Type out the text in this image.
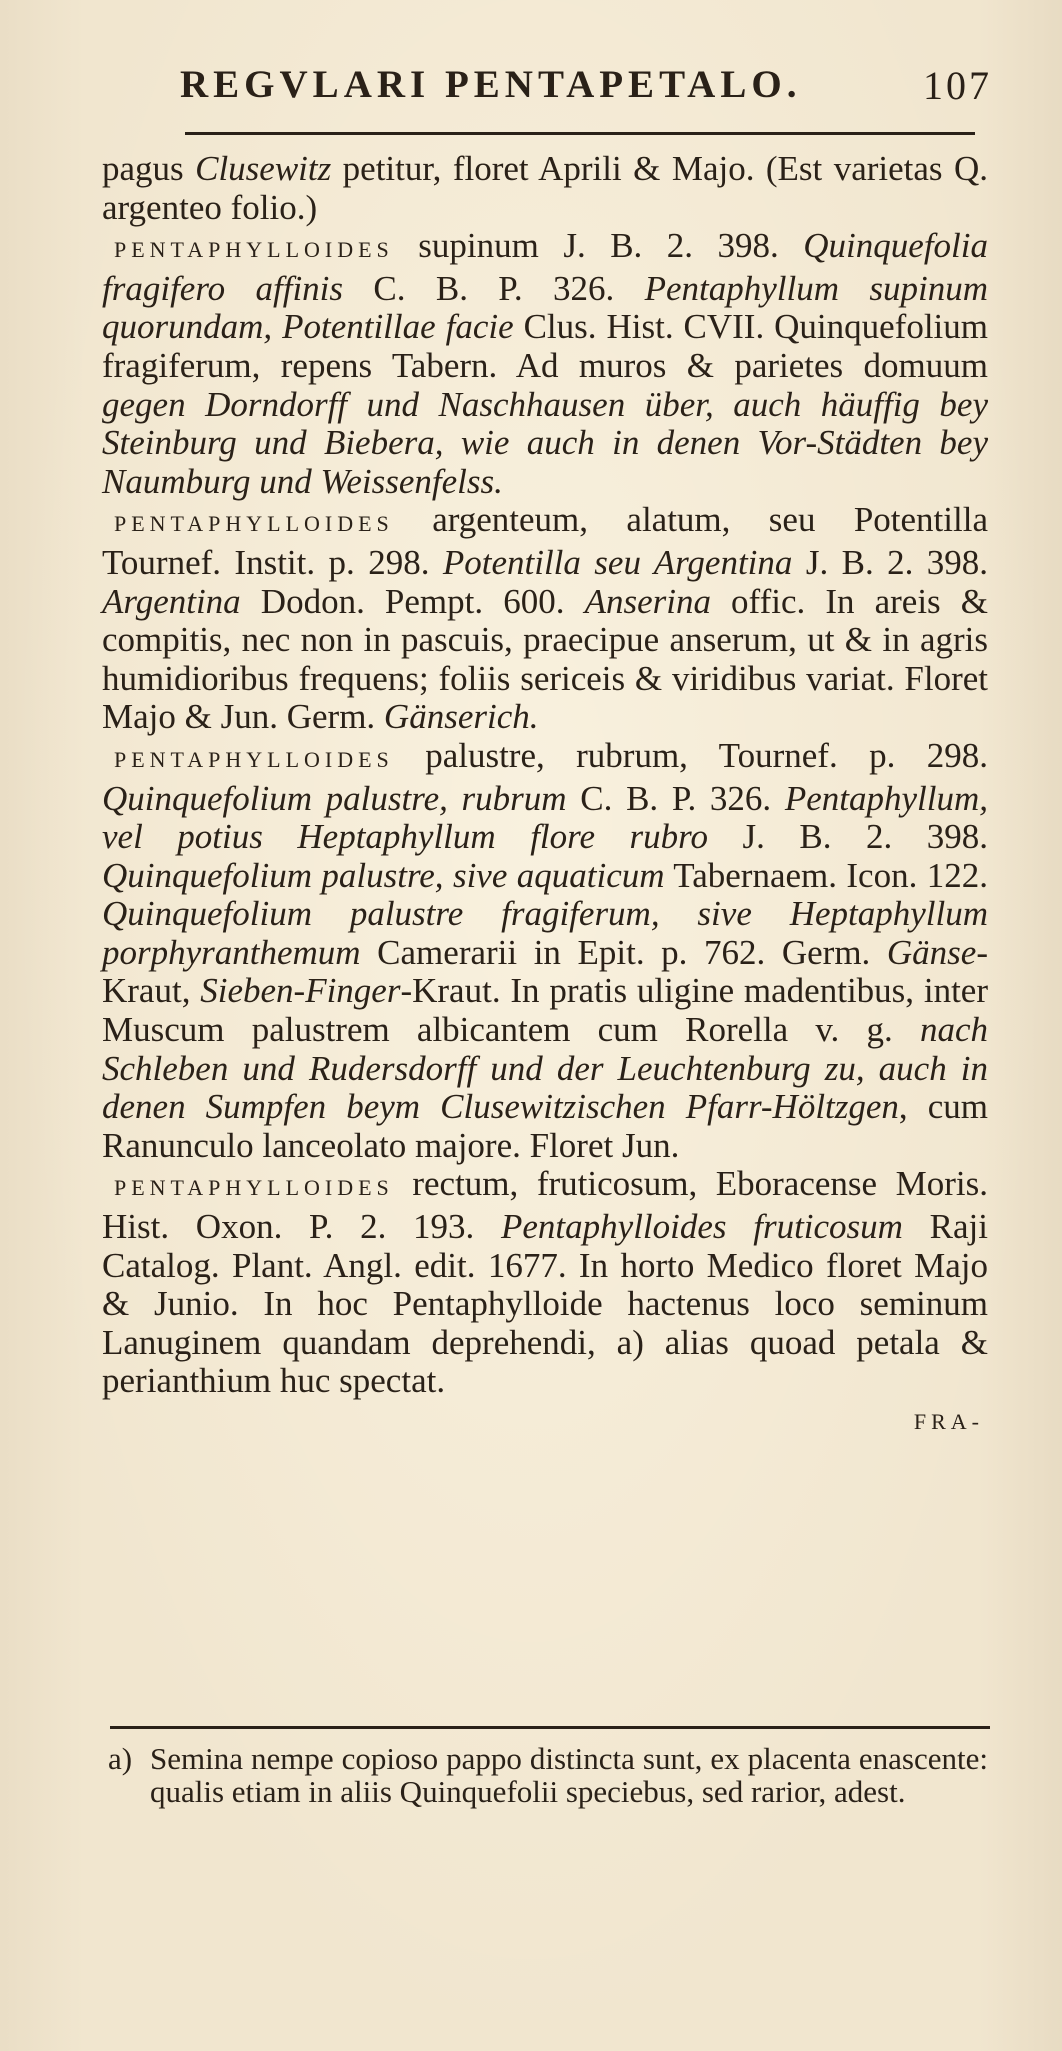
REGVLARI PENTAPETALO.	107

pagus Clusewitz petitur, floret Aprili & Majo. (Est varietas Q. argenteo folio.)

PENTAPHYLLOIDES supinum J. B. 2. 398. Quinquefolia fragifero affinis C. B. P. 326. Pentaphyllum supinum quorundam, Potentillae facie Clus. Hist. CVII. Quinquefolium fragiferum, repens Tabern. Ad muros & parietes domuum gegen Dorndorff und Naschhausen über, auch häuffig bey Steinburg und Biebera, wie auch in denen Vor-Städten bey Naumburg und Weissenfelss.

PENTAPHYLLOIDES argenteum, alatum, seu Potentilla Tournef. Instit. p. 298. Potentilla seu Argentina J. B. 2. 398. Argentina Dodon. Pempt. 600. Anserina offic. In areis & compitis, nec non in pascuis, praecipue anserum, ut & in agris humidioribus frequens; foliis sericeis & viridibus variat. Floret Majo & Jun. Germ. Gänserich.

PENTAPHYLLOIDES palustre, rubrum, Tournef. p. 298. Quinquefolium palustre, rubrum C. B. P. 326. Pentaphyllum, vel potius Heptaphyllum flore rubro J. B. 2. 398. Quinquefolium palustre, sive aquaticum Tabernaem. Icon. 122. Quinquefolium palustre fragiferum, sive Heptaphyllum porphyranthemum Camerarii in Epit. p. 762. Germ. Gänse-Kraut, Sieben-Finger-Kraut. In pratis uligine madentibus, inter Muscum palustrem albicantem cum Rorella v. g. nach Schleben und Rudersdorff und der Leuchtenburg zu, auch in denen Sumpfen beym Clusewitzischen Pfarr-Höltzgen, cum Ranunculo lanceolato majore. Floret Jun.

PENTAPHYLLOIDES rectum, fruticosum, Eboracense Moris. Hist. Oxon. P. 2. 193. Pentaphylloides fruticosum Raji Catalog. Plant. Angl. edit. 1677. In horto Medico floret Majo & Junio. In hoc Pentaphylloide hactenus loco seminum Lanuginem quandam deprehendi, a) alias quoad petala & perianthium huc spectat.

FRA-
a) Semina nempe copioso pappo distincta sunt, ex placenta enascente: qualis etiam in aliis Quinquefolii speciebus, sed rarior, adest.
